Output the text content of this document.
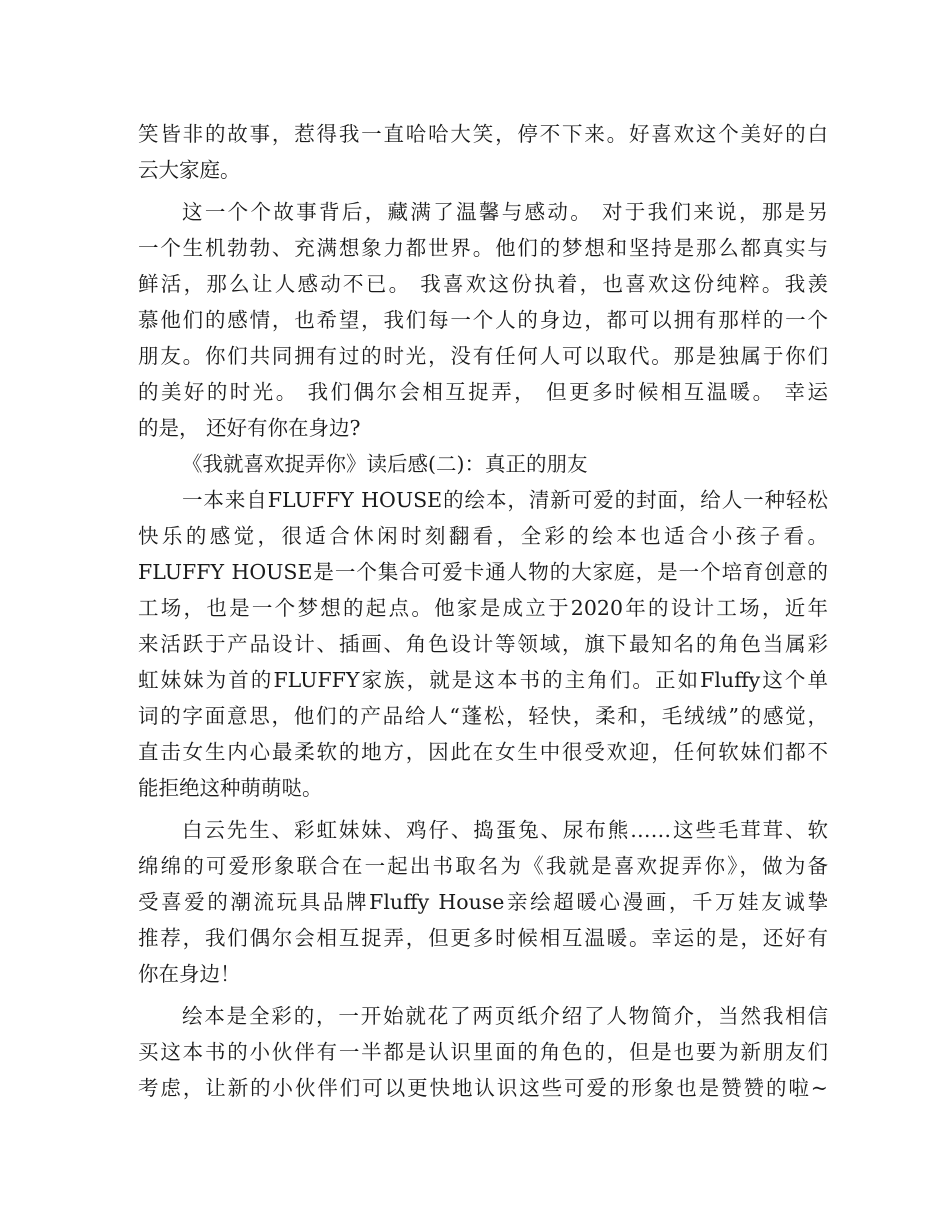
笑皆非的故事，惹得我一直哈哈大笑，停不下来。好喜欢这个美好的白
云大家庭。
这一个个故事背后，藏满了温馨与感动。 对于我们来说，那是另
一个生机勃勃、充满想象力都世界。他们的梦想和坚持是那么都真实与
鲜活，那么让人感动不已。 我喜欢这份执着，也喜欢这份纯粹。我羡
慕他们的感情，也希望，我们每一个人的身边，都可以拥有那样的一个
朋友。你们共同拥有过的时光，没有任何人可以取代。那是独属于你们
的美好的时光。 我们偶尔会相互捉弄， 但更多时候相互温暖。 幸运
的是， 还好有你在身边?
《我就喜欢捉弄你》读后感(二)：真正的朋友
一本来自FLUFFY HOUSE的绘本，清新可爱的封面，给人一种轻松
快乐的感觉，很适合休闲时刻翻看，全彩的绘本也适合小孩子看。
FLUFFY HOUSE是一个集合可爱卡通人物的大家庭，是一个培育创意的
工场，也是一个梦想的起点。他家是成立于2020年的设计工场，近年
来活跃于产品设计、插画、角色设计等领域，旗下最知名的角色当属彩
虹妹妹为首的FLUFFY家族，就是这本书的主角们。正如Fluffy这个单
词的字面意思，他们的产品给人“蓬松，轻快，柔和，毛绒绒”的感觉，
直击女生内心最柔软的地方，因此在女生中很受欢迎，任何软妹们都不
能拒绝这种萌萌哒。
白云先生、彩虹妹妹、鸡仔、捣蛋兔、尿布熊……这些毛茸茸、软
绵绵的可爱形象联合在一起出书取名为《我就是喜欢捉弄你》，做为备
受喜爱的潮流玩具品牌Fluffy House亲绘超暖心漫画，千万娃友诚挚
推荐，我们偶尔会相互捉弄，但更多时候相互温暖。幸运的是，还好有
你在身边！
绘本是全彩的，一开始就花了两页纸介绍了人物简介，当然我相信
买这本书的小伙伴有一半都是认识里面的角色的，但是也要为新朋友们
考虑，让新的小伙伴们可以更快地认识这些可爱的形象也是赞赞的啦~
